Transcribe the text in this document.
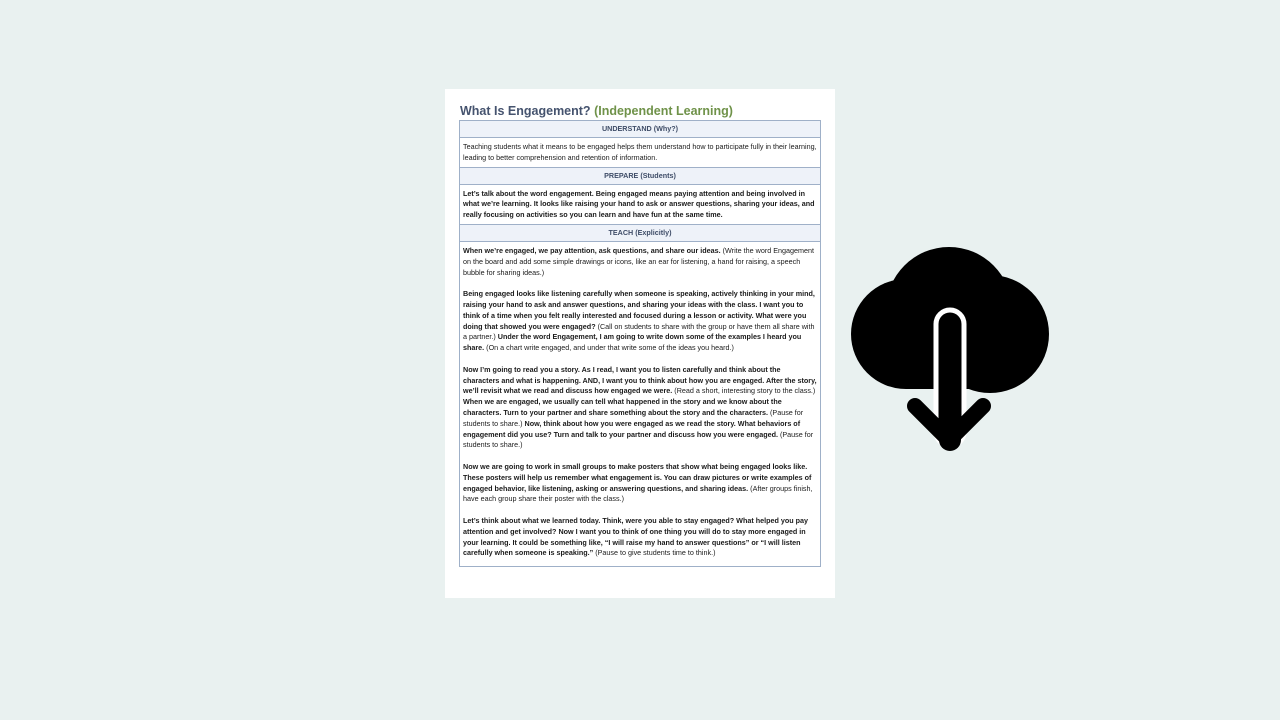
What Is Engagement? (Independent Learning)
UNDERSTAND (Why?)

Teaching students what it means to be engaged helps them understand how to participate fully in their learning, leading to better comprehension and retention of information.

PREPARE (Students)

Let’s talk about the word engagement. Being engaged means paying attention and being involved in what we’re learning. It looks like raising your hand to ask or answer questions, sharing your ideas, and really focusing on activities so you can learn and have fun at the same time.

TEACH (Explicitly)

When we’re engaged, we pay attention, ask questions, and share our ideas. (Write the word Engagement on the board and add some simple drawings or icons, like an ear for listening, a hand for raising, a speech bubble for sharing ideas.)

Being engaged looks like listening carefully when someone is speaking, actively thinking in your mind, raising your hand to ask and answer questions, and sharing your ideas with the class. I want you to think of a time when you felt really interested and focused during a lesson or activity. What were you doing that showed you were engaged? (Call on students to share with the group or have them all share with a partner.) Under the word Engagement, I am going to write down some of the examples I heard you share. (On a chart write engaged, and under that write some of the ideas you heard.)

Now I’m going to read you a story. As I read, I want you to listen carefully and think about the characters and what is happening. AND, I want you to think about how you are engaged. After the story, we’ll revisit what we read and discuss how engaged we were. (Read a short, interesting story to the class.) When we are engaged, we usually can tell what happened in the story and we know about the characters. Turn to your partner and share something about the story and the characters. (Pause for students to share.) Now, think about how you were engaged as we read the story. What behaviors of engagement did you use? Turn and talk to your partner and discuss how you were engaged. (Pause for students to share.)

Now we are going to work in small groups to make posters that show what being engaged looks like. These posters will help us remember what engagement is. You can draw pictures or write examples of engaged behavior, like listening, asking or answering questions, and sharing ideas. (After groups finish, have each group share their poster with the class.)

Let’s think about what we learned today. Think, were you able to stay engaged? What helped you pay attention and get involved? Now I want you to think of one thing you will do to stay more engaged in your learning. It could be something like, “I will raise my hand to answer questions” or “I will listen carefully when someone is speaking.” (Pause to give students time to think.)
